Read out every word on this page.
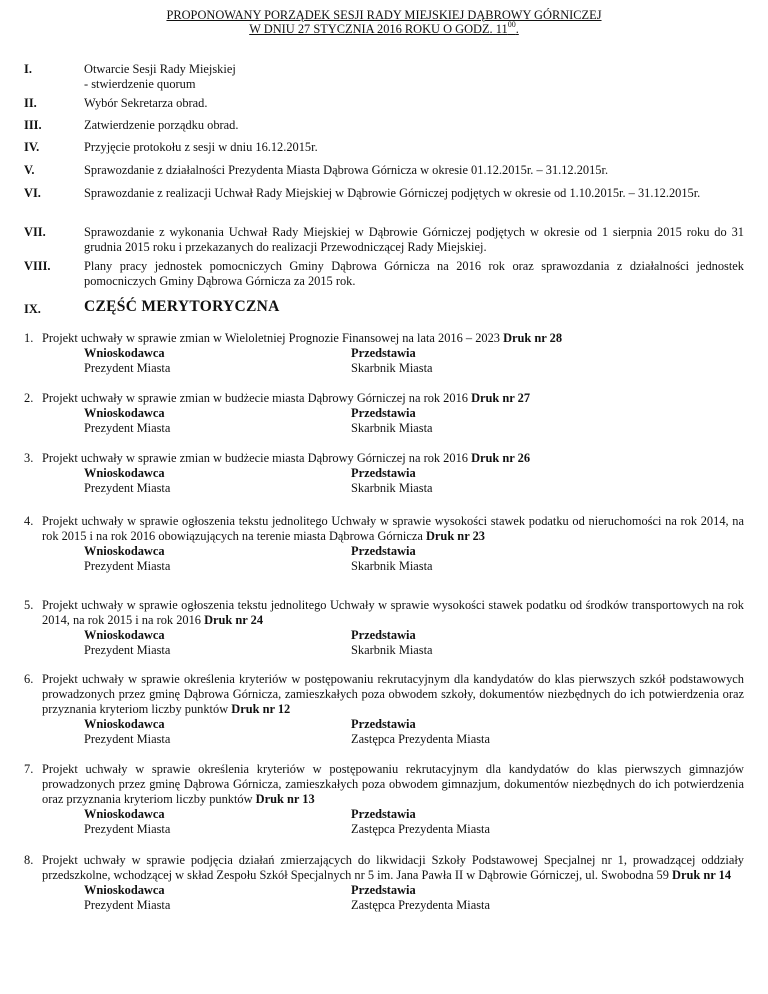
PROPONOWANY PORZĄDEK SESJI RADY MIEJSKIEJ DĄBROWY GÓRNICZEJ
W DNIU 27 STYCZNIA 2016 ROKU O GODZ. $11^{00}$.
I.	Otwarcie Sesji Rady Miejskiej
- stwierdzenie quorum
II.	Wybór Sekretarza obrad.
III.	Zatwierdzenie porządku obrad.
IV.	Przyjęcie protokołu z sesji w dniu 16.12.2015r.
V.	Sprawozdanie z działalności Prezydenta Miasta Dąbrowa Górnicza w okresie 01.12.2015r. – 31.12.2015r.
VI.	Sprawozdanie z realizacji Uchwał Rady Miejskiej w Dąbrowie Górniczej podjętych w okresie od 1.10.2015r. – 31.12.2015r.
VII.	Sprawozdanie z wykonania Uchwał Rady Miejskiej w Dąbrowie Górniczej podjętych w okresie od 1 sierpnia 2015 roku do 31 grudnia 2015 roku i przekazanych do realizacji Przewodniczącej Rady Miejskiej.
VIII.	Plany pracy jednostek pomocniczych Gminy Dąbrowa Górnicza na 2016 rok oraz sprawozdania z działalności jednostek pomocniczych Gminy Dąbrowa Górnicza za 2015 rok.
IX.	CZĘŚĆ MERYTORYCZNA
1. Projekt uchwały w sprawie zmian w Wieloletniej Prognozie Finansowej na lata 2016 – 2023 Druk nr 28
Wnioskodawca	Przedstawia
Prezydent Miasta	Skarbnik Miasta
2. Projekt uchwały w sprawie zmian w budżecie miasta Dąbrowy Górniczej na rok 2016 Druk nr 27
Wnioskodawca	Przedstawia
Prezydent Miasta	Skarbnik Miasta
3. Projekt uchwały w sprawie zmian w budżecie miasta Dąbrowy Górniczej na rok 2016 Druk nr 26
Wnioskodawca	Przedstawia
Prezydent Miasta	Skarbnik Miasta
4. Projekt uchwały w sprawie ogłoszenia tekstu jednolitego Uchwały w sprawie wysokości stawek podatku od nieruchomości na rok 2014, na rok 2015 i na rok 2016 obowiązujących na terenie miasta Dąbrowa Górnicza Druk nr 23
Wnioskodawca	Przedstawia
Prezydent Miasta	Skarbnik Miasta
5. Projekt uchwały w sprawie ogłoszenia tekstu jednolitego Uchwały w sprawie wysokości stawek podatku od środków transportowych na rok 2014, na rok 2015 i na rok 2016 Druk nr 24
Wnioskodawca	Przedstawia
Prezydent Miasta	Skarbnik Miasta
6. Projekt uchwały w sprawie określenia kryteriów w postępowaniu rekrutacyjnym dla kandydatów do klas pierwszych szkół podstawowych prowadzonych przez gminę Dąbrowa Górnicza, zamieszkałych poza obwodem szkoły, dokumentów niezbędnych do ich potwierdzenia oraz przyznania kryteriom liczby punktów Druk nr 12
Wnioskodawca	Przedstawia
Prezydent Miasta	Zastępca Prezydenta Miasta
7. Projekt uchwały w sprawie określenia kryteriów w postępowaniu rekrutacyjnym dla kandydatów do klas pierwszych gimnazjów prowadzonych przez gminę Dąbrowa Górnicza, zamieszkałych poza obwodem gimnazjum, dokumentów niezbędnych do ich potwierdzenia oraz przyznania kryteriom liczby punktów Druk nr 13
Wnioskodawca	Przedstawia
Prezydent Miasta	Zastępca Prezydenta Miasta
8. Projekt uchwały w sprawie podjęcia działań zmierzających do likwidacji Szkoły Podstawowej Specjalnej nr 1, prowadzącej oddziały przedszkolne, wchodzącej w skład Zespołu Szkół Specjalnych nr 5 im. Jana Pawła II w Dąbrowie Górniczej, ul. Swobodna 59 Druk nr 14
Wnioskodawca	Przedstawia
Prezydent Miasta	Zastępca Prezydenta Miasta
